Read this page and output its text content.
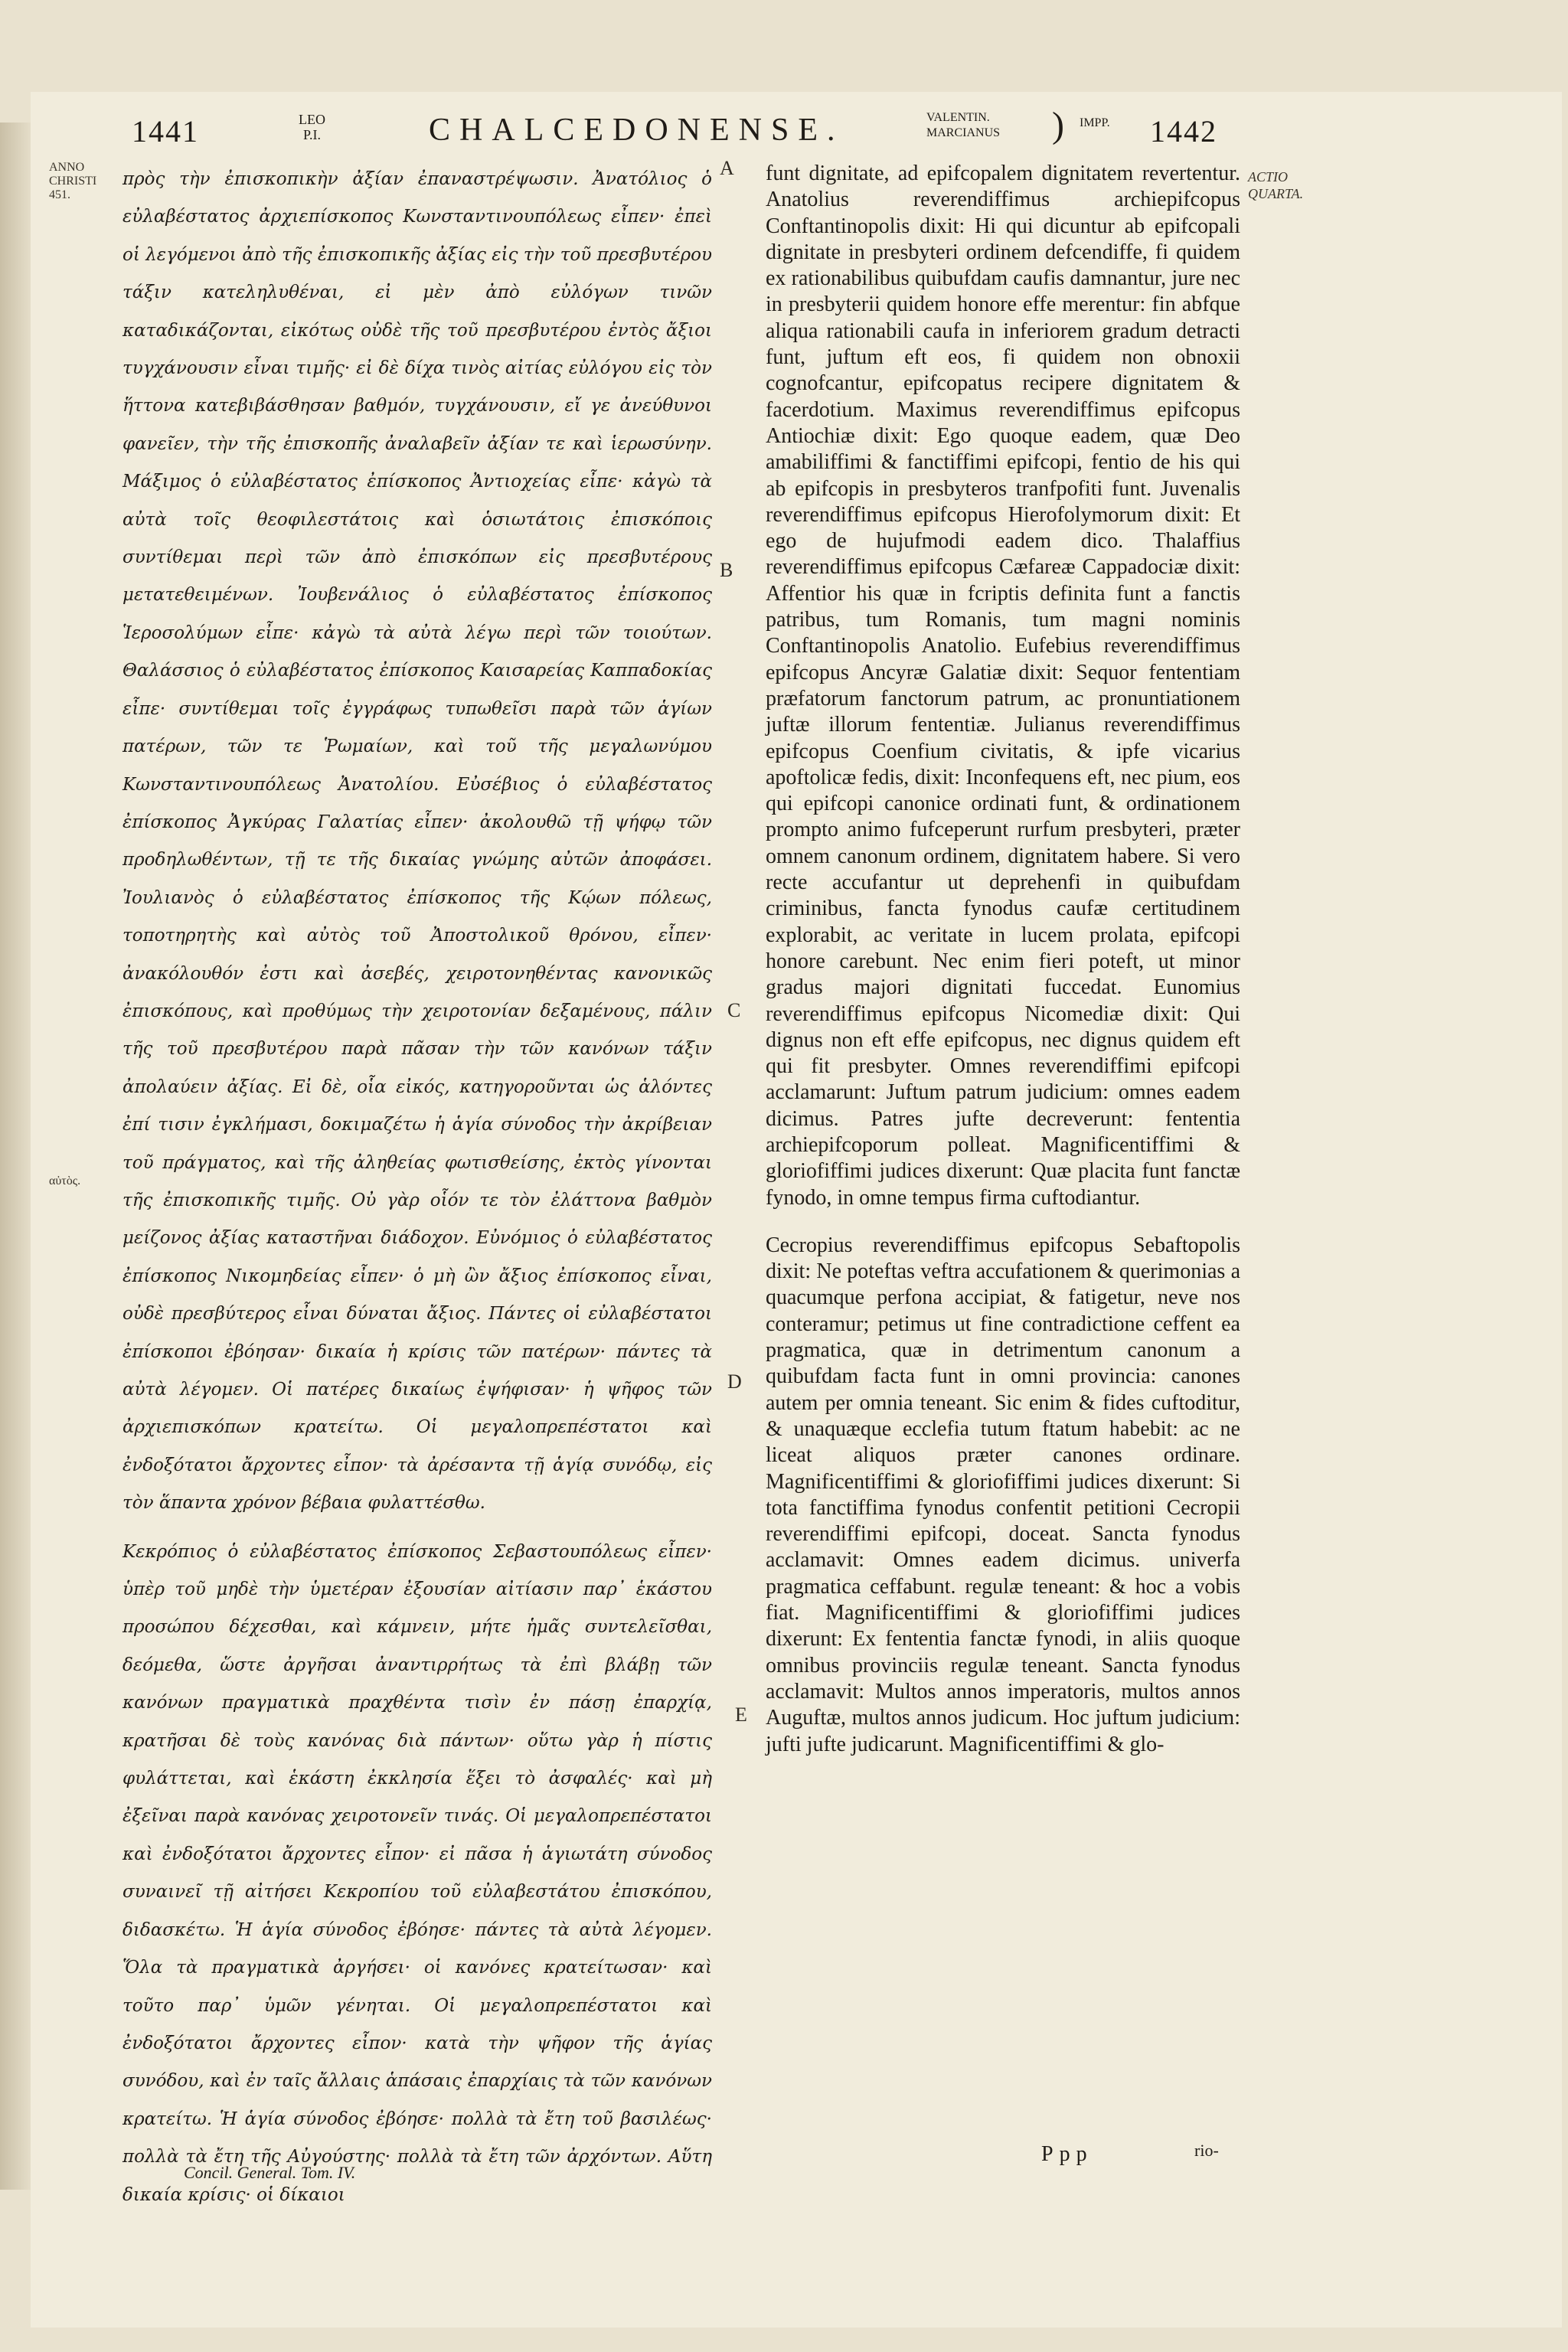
1441	LEO
P.I.	CHALCEDONENSE.	VALENTIN.
MARCIANUS ) IMPP. 1442
ANNO
CHRISTI
451.
αὐτὸς.
ACTIO
QUARTA.
A
B
C
D
E

πρὸς τὴν ἐπισκοπικὴν ἀξίαν ἐπαναστρέψωσιν. Ἀνατόλιος ὁ εὐλαβέστατος ἀρχιεπίσκοπος Κωνσταντινουπόλεως εἶπεν· ἐπεὶ οἱ λεγόμενοι ἀπὸ τῆς ἐπισκοπικῆς ἀξίας εἰς τὴν τοῦ πρεσβυτέρου τάξιν κατεληλυθέναι, εἰ μὲν ἀπὸ εὐλόγων τινῶν καταδικάζονται, εἰκότως οὐδὲ τῆς τοῦ πρεσβυτέρου ἐντὸς ἄξιοι τυγχάνουσιν εἶναι τιμῆς· εἰ δὲ δίχα τινὸς αἰτίας εὐλόγου εἰς τὸν ἥττονα κατεβιβάσθησαν βαθμόν, τυγχάνουσιν, εἴ γε ἀνεύθυνοι φανεῖεν, τὴν τῆς ἐπισκοπῆς ἀναλαβεῖν ἀξίαν τε καὶ ἱερωσύνην. Μάξιμος ὁ εὐλαβέστατος ἐπίσκοπος Ἀντιοχείας εἶπε· κἀγὼ τὰ αὐτὰ τοῖς θεοφιλεστάτοις καὶ ὁσιωτάτοις ἐπισκόποις συντίθεμαι περὶ τῶν ἀπὸ ἐπισκόπων εἰς πρεσβυτέρους μετατεθειμένων. Ἰουβενάλιος ὁ εὐλαβέστατος ἐπίσκοπος Ἱεροσολύμων εἶπε· κἀγὼ τὰ αὐτὰ λέγω περὶ τῶν τοιούτων. Θαλάσσιος ὁ εὐλαβέστατος ἐπίσκοπος Καισαρείας Καππαδοκίας εἶπε· συντίθεμαι τοῖς ἐγγράφως τυπωθεῖσι παρὰ τῶν ἁγίων πατέρων, τῶν τε Ῥωμαίων, καὶ τοῦ τῆς μεγαλωνύμου Κωνσταντινουπόλεως Ἀνατολίου. Εὐσέβιος ὁ εὐλαβέστατος ἐπίσκοπος Ἀγκύρας Γαλατίας εἶπεν· ἀκολουθῶ τῇ ψήφῳ τῶν προδηλωθέντων, τῇ τε τῆς δικαίας γνώμης αὐτῶν ἀποφάσει. Ἰουλιανὸς ὁ εὐλαβέστατος ἐπίσκοπος τῆς Κῴων πόλεως, τοποτηρητὴς καὶ αὐτὸς τοῦ Ἀποστολικοῦ θρόνου, εἶπεν· ἀνακόλουθόν ἐστι καὶ ἀσεβές, χειροτονηθέντας κανονικῶς ἐπισκόπους, καὶ προθύμως τὴν χειροτονίαν δεξαμένους, πάλιν τῆς τοῦ πρεσβυτέρου παρὰ πᾶσαν τὴν τῶν κανόνων τάξιν ἀπολαύειν ἀξίας. Εἰ δὲ, οἷα εἰκός, κατηγοροῦνται ὡς ἁλόντες ἐπί τισιν ἐγκλήμασι, δοκιμαζέτω ἡ ἁγία σύνοδος τὴν ἀκρίβειαν τοῦ πράγματος, καὶ τῆς ἀληθείας φωτισθείσης, ἐκτὸς γίνονται τῆς ἐπισκοπικῆς τιμῆς. Οὐ γὰρ οἷόν τε τὸν ἐλάττονα βαθμὸν μείζονος ἀξίας καταστῆναι διάδοχον. Εὐνόμιος ὁ εὐλαβέστατος ἐπίσκοπος Νικομηδείας εἶπεν· ὁ μὴ ὢν ἄξιος ἐπίσκοπος εἶναι, οὐδὲ πρεσβύτερος εἶναι δύναται ἄξιος. Πάντες οἱ εὐλαβέστατοι ἐπίσκοποι ἐβόησαν· δικαία ἡ κρίσις τῶν πατέρων· πάντες τὰ αὐτὰ λέγομεν. Οἱ πατέρες δικαίως ἐψήφισαν· ἡ ψῆφος τῶν ἀρχιεπισκόπων κρατείτω. Οἱ μεγαλοπρεπέστατοι καὶ ἐνδοξότατοι ἄρχοντες εἶπον· τὰ ἀρέσαντα τῇ ἁγίᾳ συνόδῳ, εἰς τὸν ἅπαντα χρόνον βέβαια φυλαττέσθω.

Κεκρόπιος ὁ εὐλαβέστατος ἐπίσκοπος Σεβαστουπόλεως εἶπεν· ὑπὲρ τοῦ μηδὲ τὴν ὑμετέραν ἐξουσίαν αἰτίασιν παρ᾽ ἑκάστου προσώπου δέχεσθαι, καὶ κάμνειν, μήτε ἡμᾶς συντελεῖσθαι, δεόμεθα, ὥστε ἀργῆσαι ἀναντιρρήτως τὰ ἐπὶ βλάβῃ τῶν κανόνων πραγματικὰ πραχθέντα τισὶν ἐν πάσῃ ἐπαρχίᾳ, κρατῆσαι δὲ τοὺς κανόνας διὰ πάντων· οὕτω γὰρ ἡ πίστις φυλάττεται, καὶ ἑκάστη ἐκκλησία ἕξει τὸ ἀσφαλές· καὶ μὴ ἐξεῖναι παρὰ κανόνας χειροτονεῖν τινάς. Οἱ μεγαλοπρεπέστατοι καὶ ἐνδοξότατοι ἄρχοντες εἶπον· εἰ πᾶσα ἡ ἁγιωτάτη σύνοδος συναινεῖ τῇ αἰτήσει Κεκροπίου τοῦ εὐλαβεστάτου ἐπισκόπου, διδασκέτω. Ἡ ἁγία σύνοδος ἐβόησε· πάντες τὰ αὐτὰ λέγομεν. Ὅλα τὰ πραγματικὰ ἀργήσει· οἱ κανόνες κρατείτωσαν· καὶ τοῦτο παρ᾽ ὑμῶν γένηται. Οἱ μεγαλοπρεπέστατοι καὶ ἐνδοξότατοι ἄρχοντες εἶπον· κατὰ τὴν ψῆφον τῆς ἁγίας συνόδου, καὶ ἐν ταῖς ἄλλαις ἁπάσαις ἐπαρχίαις τὰ τῶν κανόνων κρατείτω. Ἡ ἁγία σύνοδος ἐβόησε· πολλὰ τὰ ἔτη τοῦ βασιλέως· πολλὰ τὰ ἔτη τῆς Αὐγούστης· πολλὰ τὰ ἔτη τῶν ἀρχόντων. Αὕτη δικαία κρίσις· οἱ δίκαιοι

funt dignitate, ad epifcopalem dignitatem revertentur. Anatolius reverendiffimus archiepifcopus Conftantinopolis dixit: Hi qui dicuntur ab epifcopali dignitate in presbyteri ordinem defcendiffe, fi quidem ex rationabilibus quibufdam caufis damnantur, jure nec in presbyterii quidem honore effe merentur: fin abfque aliqua rationabili caufa in inferiorem gradum detracti funt, juftum eft eos, fi quidem non obnoxii cognofcantur, epifcopatus recipere dignitatem & facerdotium. Maximus reverendiffimus epifcopus Antiochiæ dixit: Ego quoque eadem, quæ Deo amabiliffimi & fanctiffimi epifcopi, fentio de his qui ab epifcopis in presbyteros tranfpofiti funt. Juvenalis reverendiffimus epifcopus Hierofolymorum dixit: Et ego de hujufmodi eadem dico. Thalaffius reverendiffimus epifcopus Cæfareæ Cappadociæ dixit: Affentior his quæ in fcriptis definita funt a fanctis patribus, tum Romanis, tum magni nominis Conftantinopolis Anatolio. Eufebius reverendiffimus epifcopus Ancyræ Galatiæ dixit: Sequor fententiam præfatorum fanctorum patrum, ac pronuntiationem juftæ illorum fententiæ. Julianus reverendiffimus epifcopus Coenfium civitatis, & ipfe vicarius apoftolicæ fedis, dixit: Inconfequens eft, nec pium, eos qui epifcopi canonice ordinati funt, & ordinationem prompto animo fufceperunt rurfum presbyteri, præter omnem canonum ordinem, dignitatem habere. Si vero recte accufantur ut deprehenfi in quibufdam criminibus, fancta fynodus caufæ certitudinem explorabit, ac veritate in lucem prolata, epifcopi honore carebunt. Nec enim fieri poteft, ut minor gradus majori dignitati fuccedat. Eunomius reverendiffimus epifcopus Nicomediæ dixit: Qui dignus non eft effe epifcopus, nec dignus quidem eft qui fit presbyter. Omnes reverendiffimi epifcopi acclamarunt: Juftum patrum judicium: omnes eadem dicimus. Patres jufte decreverunt: fententia archiepifcoporum polleat. Magnificentiffimi & gloriofiffimi judices dixerunt: Quæ placita funt fanctæ fynodo, in omne tempus firma cuftodiantur.

Cecropius reverendiffimus epifcopus Sebaftopolis dixit: Ne poteftas veftra accufationem & querimonias a quacumque perfona accipiat, & fatigetur, neve nos conteramur; petimus ut fine contradictione ceffent ea pragmatica, quæ in detrimentum canonum a quibufdam facta funt in omni provincia: canones autem per omnia teneant. Sic enim & fides cuftoditur, & unaquæque ecclefia tutum ftatum habebit: ac ne liceat aliquos præter canones ordinare. Magnificentiffimi & gloriofiffimi judices dixerunt: Si tota fanctiffima fynodus confentit petitioni Cecropii reverendiffimi epifcopi, doceat. Sancta fynodus acclamavit: Omnes eadem dicimus. univerfa pragmatica ceffabunt. regulæ teneant: & hoc a vobis fiat. Magnificentiffimi & gloriofiffimi judices dixerunt: Ex fententia fanctæ fynodi, in aliis quoque omnibus provinciis regulæ teneant. Sancta fynodus acclamavit: Multos annos imperatoris, multos annos Auguftæ, multos annos judicum. Hoc juftum judicium: jufti jufte judicarunt. Magnificentiffimi & glo-

Concil. General. Tom. IV.
Ppp	rio-
